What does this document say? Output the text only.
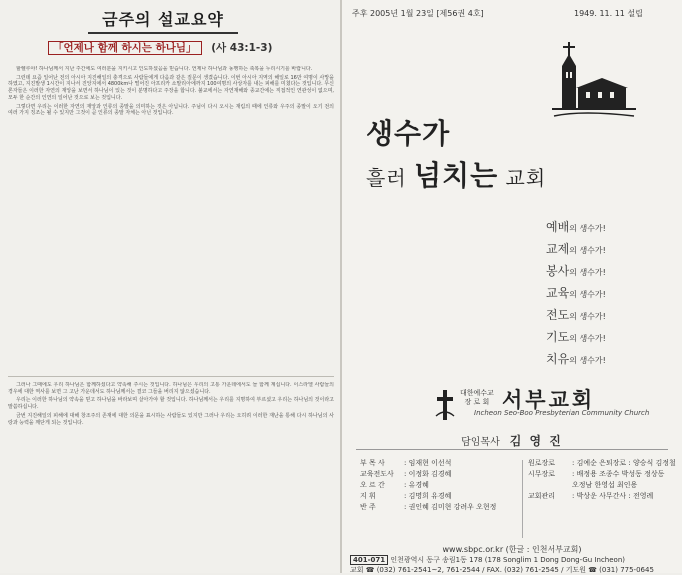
금주의 설교요약
「언제나 함께 하시는 하나님」 (사 43:1-3)

할렐루야! 하나님께서 지난 주간에도 여러분을 지키시고 인도하셨음을 믿습니다. 언제나 하나님과 동행하는 축복을 누리시기를 바랍니다.

그런데 요즘 일어난 전의 아시아 지진해일의 충격으로 사람들에게 다음과 같은 질문이 생겼습니다. 이번 아시아 지역의 해일로 16만 여명이 사망을 하였고, 지진발생 1시간이 지나서 진앙지에서 4800km나 떨어진 아프리카 소말리아에까지 100여명의 사상자를 내는 피해를 미쳤다는 것입니다. 무신론자들은 이러한 자연의 재앙을 보면서 하나님이 있는 것이 분명하다고 주장을 합니다. 불교에서는 자연재해와 종교간에는 직접적인 연관성이 없으며, 모두 한 순간의 인연의 일어난 것으로 보는 것입니다.

그렇다면 우리는 이러한 자연의 재앙과 인류의 종말을 의미하는 것은 아닙니다. 주님이 다시 오시는 재림의 때에 인류와 우주의 종말이 오기 전의 여러 가지 징조는 될 수 있지만 그것이 곧 인류의 종말 자체는 아닌 것입니다.

그러나 그때에도 우리 하나님은 함께하셨다고 약속해 주시는 것입니다. 하나님은 우리의 고통 가운데에서도 늘 함께 계십니다. 이스라엘 사람들의 경우에 대한 역사를 보면 그 고난 가운데서도 하나님께서는 결코 그들을 버리지 않으셨습니다.

우리는 이러한 하나님의 약속을 믿고 하나님을 바라보며 살아가야 할 것입니다. 하나님께서는 우리를 지명하여 부르셨고 우리는 하나님의 것이라고 말씀하십니다.

금번 지진해일의 피해에 대해 창조주의 존재에 대한 의문을 표시하는 사람들도 있지만 그러나 우리는 오히려 이러한 재난을 통해 다시 하나님의 사랑과 능력을 깨닫게 되는 것입니다.

주후 2005년 1월 23일 [제56권 4호]	1949. 11. 11 설립
생수가
흘러 넘치는 교회
예배의 생수가!
교제의 생수가!
봉사의 생수가!
교육의 생수가!
전도의 생수가!
기도의 생수가!
치유의 생수가!
대한예수교
장 로 회 서부교회
Incheon Seo-Boo Presbyterian Community Church
담임목사 김 영 진
부 목 사	: 임재현 이선석
교육전도사 : 이정화 김경혜
오 르 간	: 유경혜
지 휘	: 김명희 유경혜
반 주	: 권인혜 김미현 강려우 오현정
원로장로 : 김예순 은퇴장로 : 양승식 김정철
시무장로 : 배정용 조종수 박성동 정상동
오정남 한영섭 최인용
교회관리 : 박상운 사무간사 : 전영례
www.sbpc.or.kr (한글 : 인천서부교회)
401-071 인천광역시 동구 송림1동 178 (178 Songlim 1 Dong Dong-Gu Incheon)
교회 ☎ (032) 761-2541~2, 761-2544 / FAX. (032) 761-2545 / 기도원 ☎ (031) 775-0645
